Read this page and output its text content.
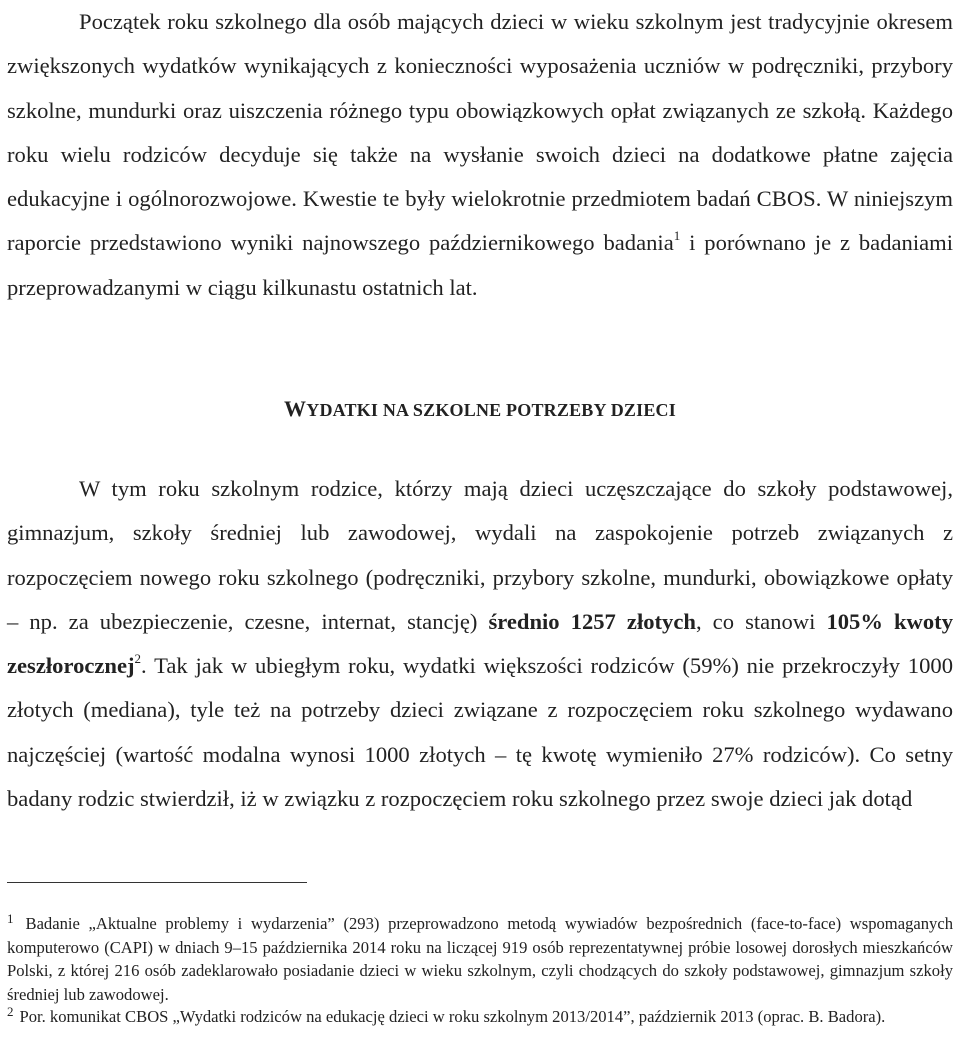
Początek roku szkolnego dla osób mających dzieci w wieku szkolnym jest tradycyjnie okresem zwiększonych wydatków wynikających z konieczności wyposażenia uczniów w podręczniki, przybory szkolne, mundurki oraz uiszczenia różnego typu obowiązkowych opłat związanych ze szkołą. Każdego roku wielu rodziców decyduje się także na wysłanie swoich dzieci na dodatkowe płatne zajęcia edukacyjne i ogólnorozwojowe. Kwestie te były wielokrotnie przedmiotem badań CBOS. W niniejszym raporcie przedstawiono wyniki najnowszego październikowego badania$^1$ i porównano je z badaniami przeprowadzanymi w ciągu kilkunastu ostatnich lat.

WYDATKI NA SZKOLNE POTRZEBY DZIECI

W tym roku szkolnym rodzice, którzy mają dzieci uczęszczające do szkoły podstawowej, gimnazjum, szkoły średniej lub zawodowej, wydali na zaspokojenie potrzeb związanych z rozpoczęciem nowego roku szkolnego (podręczniki, przybory szkolne, mundurki, obowiązkowe opłaty – np. za ubezpieczenie, czesne, internat, stancję) średnio 1257 złotych, co stanowi 105% kwoty zeszłorocznej$^2$. Tak jak w ubiegłym roku, wydatki większości rodziców (59%) nie przekroczyły 1000 złotych (mediana), tyle też na potrzeby dzieci związane z rozpoczęciem roku szkolnego wydawano najczęściej (wartość modalna wynosi 1000 złotych – tę kwotę wymieniło 27% rodziców). Co setny badany rodzic stwierdził, iż w związku z rozpoczęciem roku szkolnego przez swoje dzieci jak dotąd

$^1$ Badanie „Aktualne problemy i wydarzenia” (293) przeprowadzono metodą wywiadów bezpośrednich (face-to-face) wspomaganych komputerowo (CAPI) w dniach 9–15 października 2014 roku na liczącej 919 osób reprezentatywnej próbie losowej dorosłych mieszkańców Polski, z której 216 osób zadeklarowało posiadanie dzieci w wieku szkolnym, czyli chodzących do szkoły podstawowej, gimnazjum szkoły średniej lub zawodowej.

$^2$ Por. komunikat CBOS „Wydatki rodziców na edukację dzieci w roku szkolnym 2013/2014”, październik 2013 (oprac. B. Badora).
